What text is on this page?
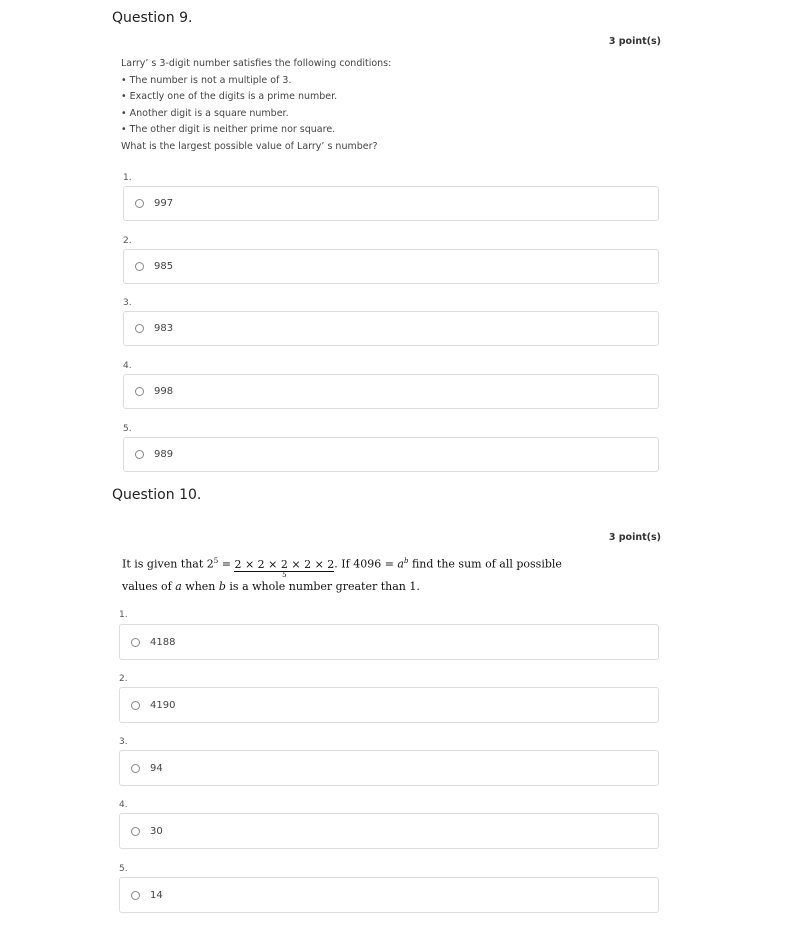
Question 9.
3 point(s)
Larry’ s 3-digit number satisfies the following conditions:
• The number is not a multiple of 3.
• Exactly one of the digits is a prime number.
• Another digit is a square number.
• The other digit is neither prime nor square.
What is the largest possible value of Larry’ s number?
1.
997
2.
985
3.
983
4.
998
5.
989
Question 10.
3 point(s)
It is given that $2^5 = 2 \times 2 \times 2 \times 2 \times 2$
5
. If $4096 = a^b$ find the sum of all possible
values of a when b is a whole number greater than 1.
1.
4188
2.
4190
3.
94
4.
30
5.
14
